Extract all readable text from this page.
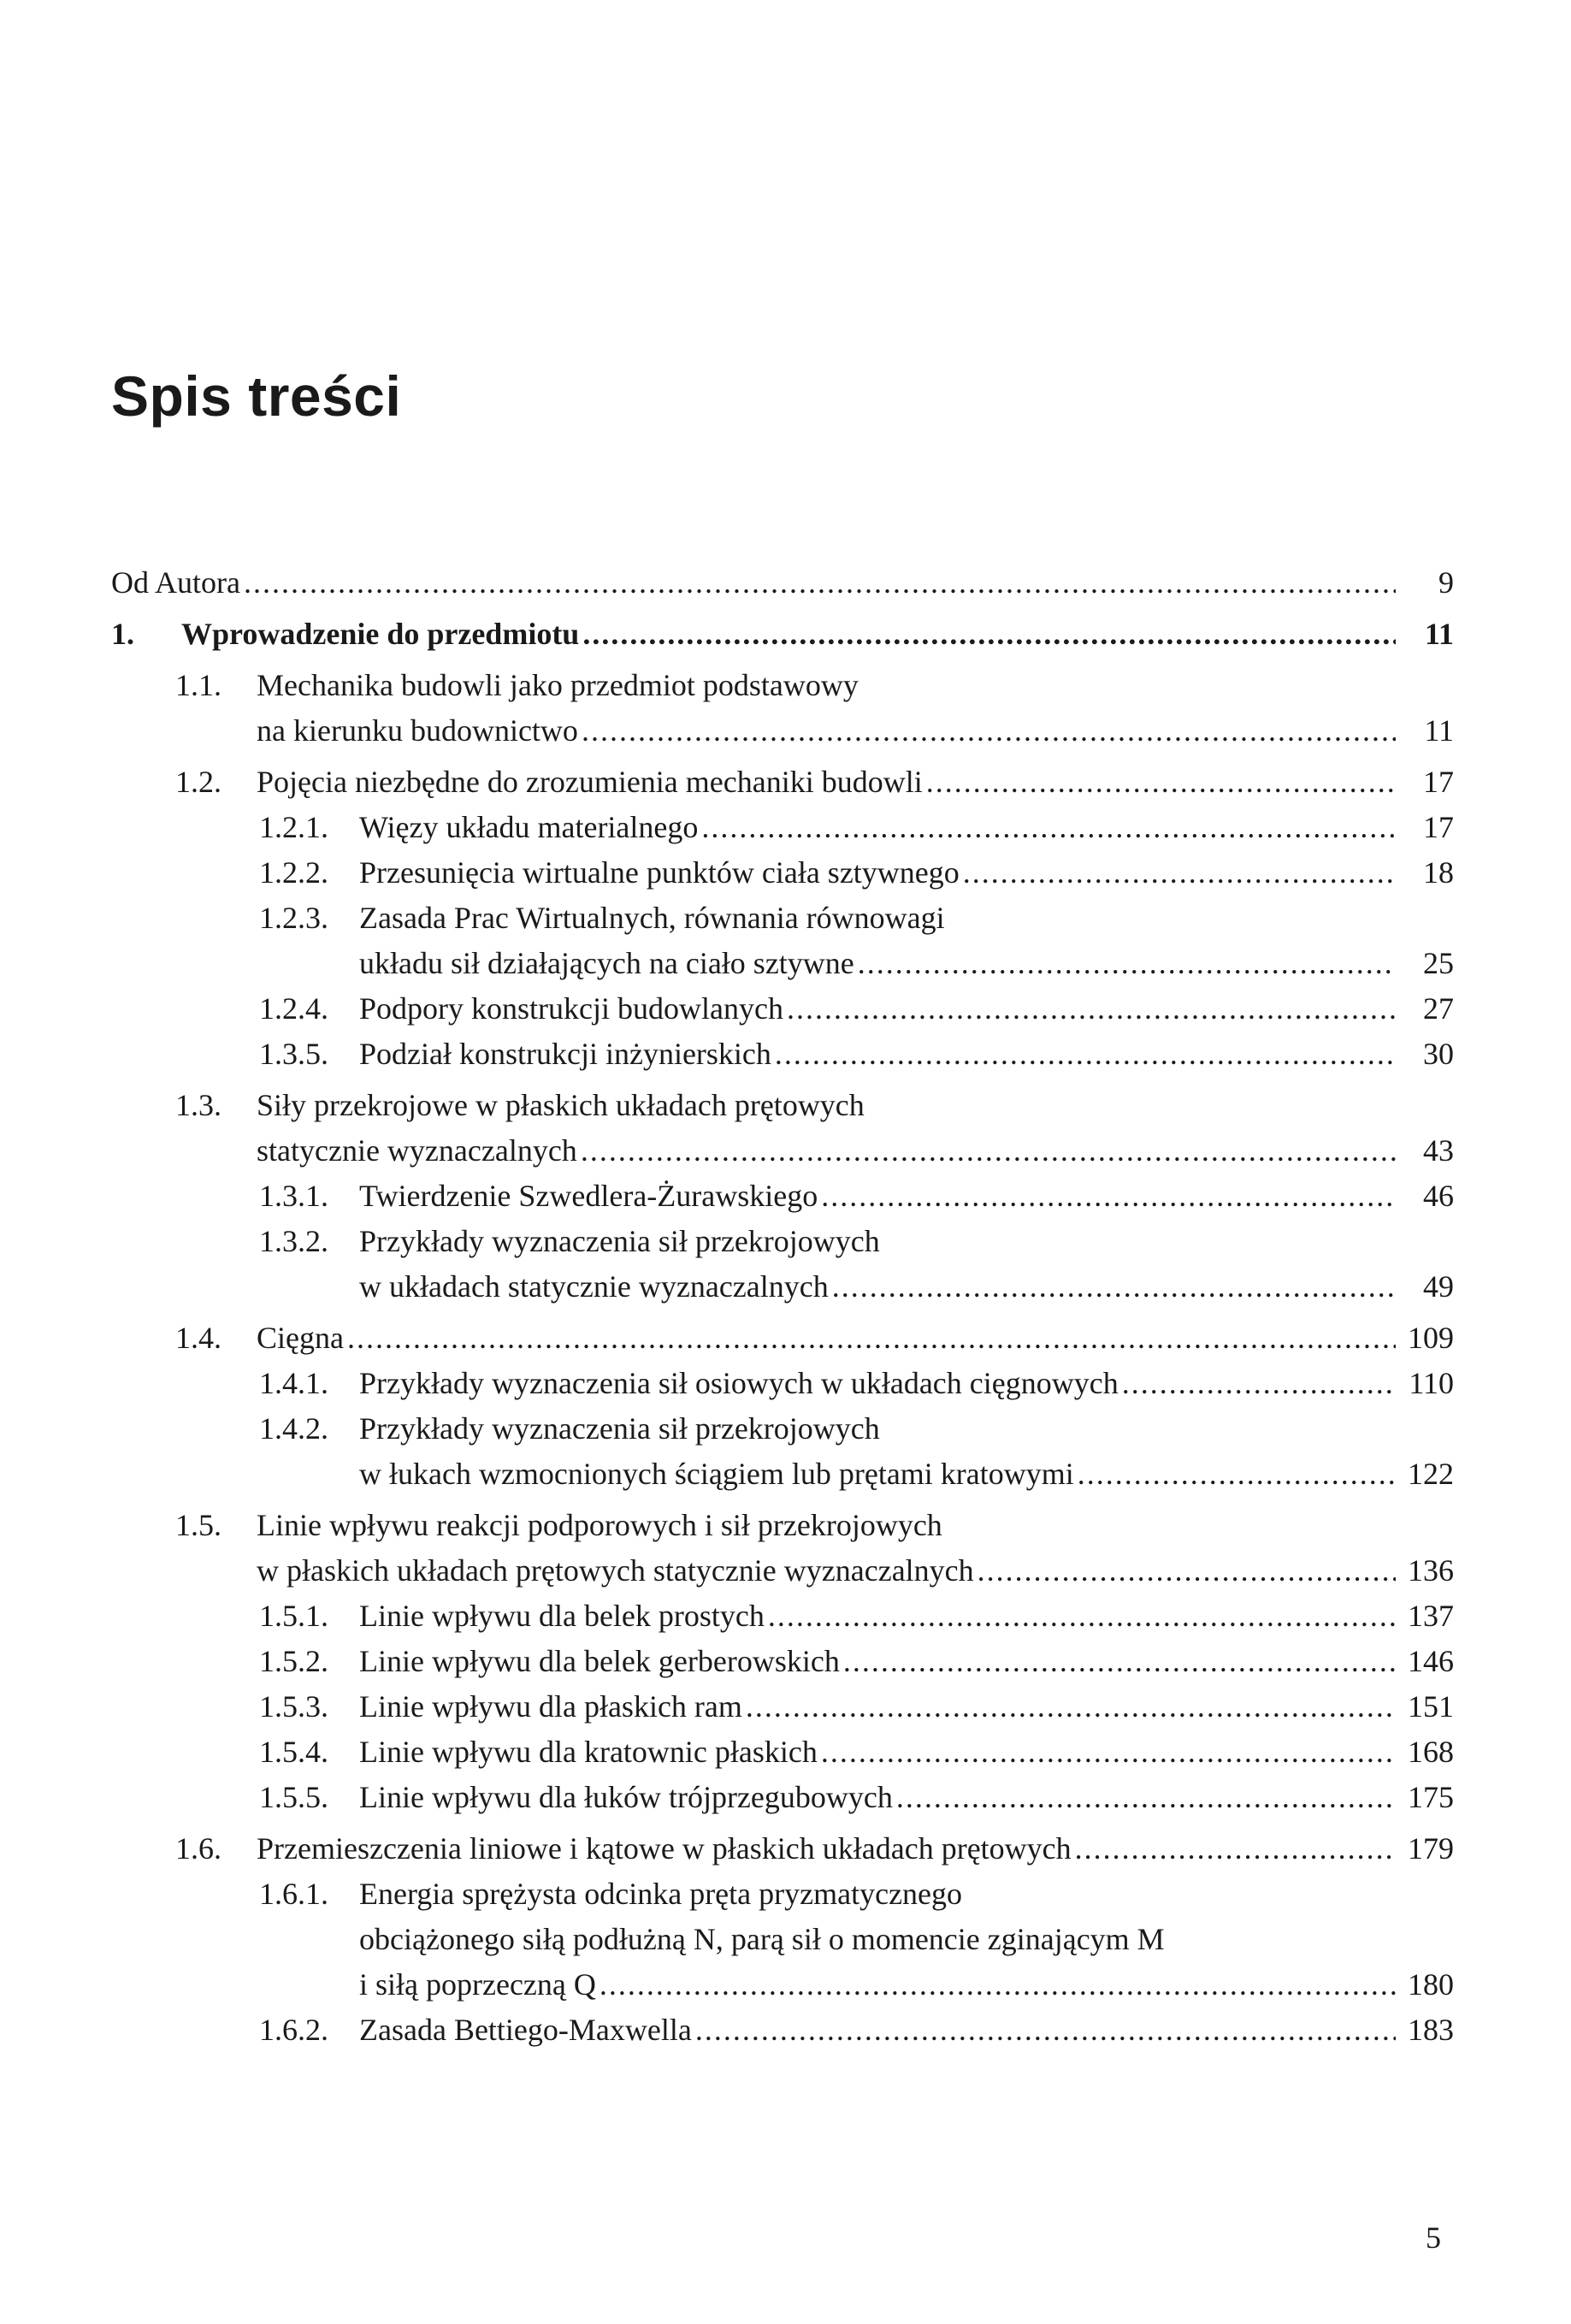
Spis treści
Od Autora .....	9
1. Wprowadzenie do przedmiotu .....	11
1.1. Mechanika budowli jako przedmiot podstawowy
na kierunku budownictwo .....	11
1.2. Pojęcia niezbędne do zrozumienia mechaniki budowli .....	17
1.2.1. Więzy układu materialnego .....	17
1.2.2. Przesunięcia wirtualne punktów ciała sztywnego .....	18
1.2.3. Zasada Prac Wirtualnych, równania równowagi
układu sił działających na ciało sztywne .....	25
1.2.4. Podpory konstrukcji budowlanych .....	27
1.3.5. Podział konstrukcji inżynierskich .....	30
1.3. Siły przekrojowe w płaskich układach prętowych
statycznie wyznaczalnych .....	43
1.3.1. Twierdzenie Szwedlera-Żurawskiego .....	46
1.3.2. Przykłady wyznaczenia sił przekrojowych
w układach statycznie wyznaczalnych .....	49
1.4. Cięgna .....	109
1.4.1. Przykłady wyznaczenia sił osiowych w układach cięgnowych .....	110
1.4.2. Przykłady wyznaczenia sił przekrojowych
w łukach wzmocnionych ściągiem lub prętami kratowymi .....	122
1.5. Linie wpływu reakcji podporowych i sił przekrojowych
w płaskich układach prętowych statycznie wyznaczalnych .....	136
1.5.1. Linie wpływu dla belek prostych .....	137
1.5.2. Linie wpływu dla belek gerberowskich .....	146
1.5.3. Linie wpływu dla płaskich ram .....	151
1.5.4. Linie wpływu dla kratownic płaskich .....	168
1.5.5. Linie wpływu dla łuków trójprzegubowych .....	175
1.6. Przemieszczenia liniowe i kątowe w płaskich układach prętowych .....	179
1.6.1. Energia sprężysta odcinka pręta pryzmatycznego
obciążonego siłą podłużną N, parą sił o momencie zginającym M
i siłą poprzeczną Q .....	180
1.6.2. Zasada Bettiego-Maxwella .....	183
5
